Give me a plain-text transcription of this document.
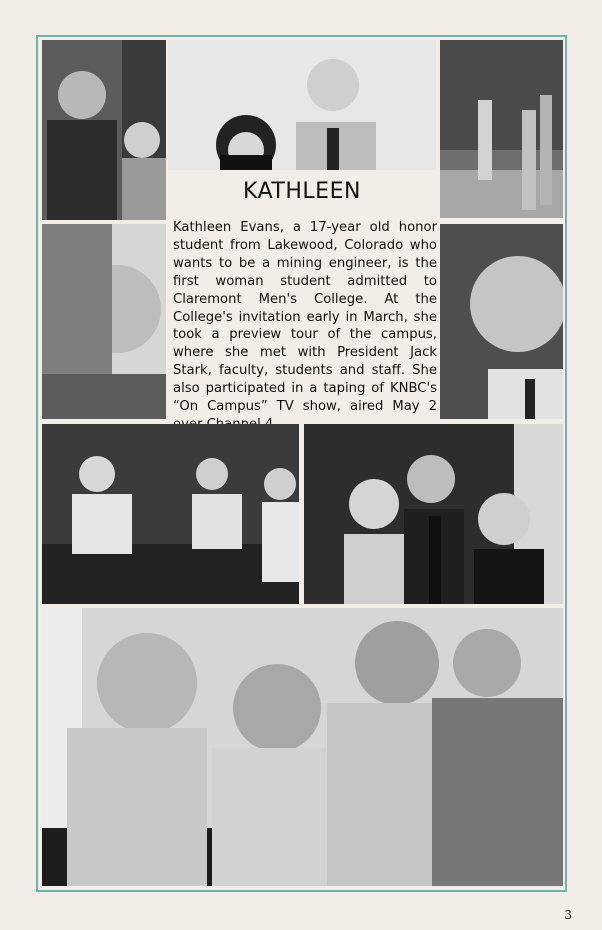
KATHLEEN

Kathleen Evans, a 17-year old honor student from Lakewood, Colorado who wants to be a mining engineer, is the first woman student admitted to Claremont Men's College. At the College's invitation early in March, she took a preview tour of the campus, where she met with President Jack Stark, faculty, students and staff. She also participated in a taping of KNBC's “On Campus” TV show, aired May 2

3
